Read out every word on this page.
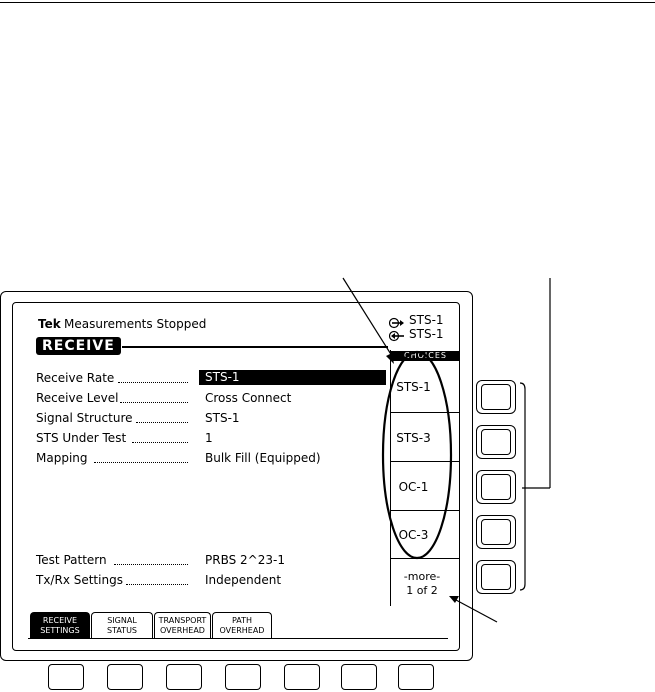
Tek Measurements Stopped	STS-1
STS-1
RECEIVE
Receive Rate	STS-1
Receive Level	Cross Connect
Signal Structure	STS-1
STS Under Test	1
Mapping	Bulk Fill (Equipped)
Test Pattern	PRBS 2^23-1
Tx/Rx Settings	Independent
CHOICES
STS-1
STS-3
OC-1
OC-3
-more-
1 of 2
RECEIVE
SETTINGS
SIGNAL
STATUS
TRANSPORT
OVERHEAD
PATH
OVERHEAD
